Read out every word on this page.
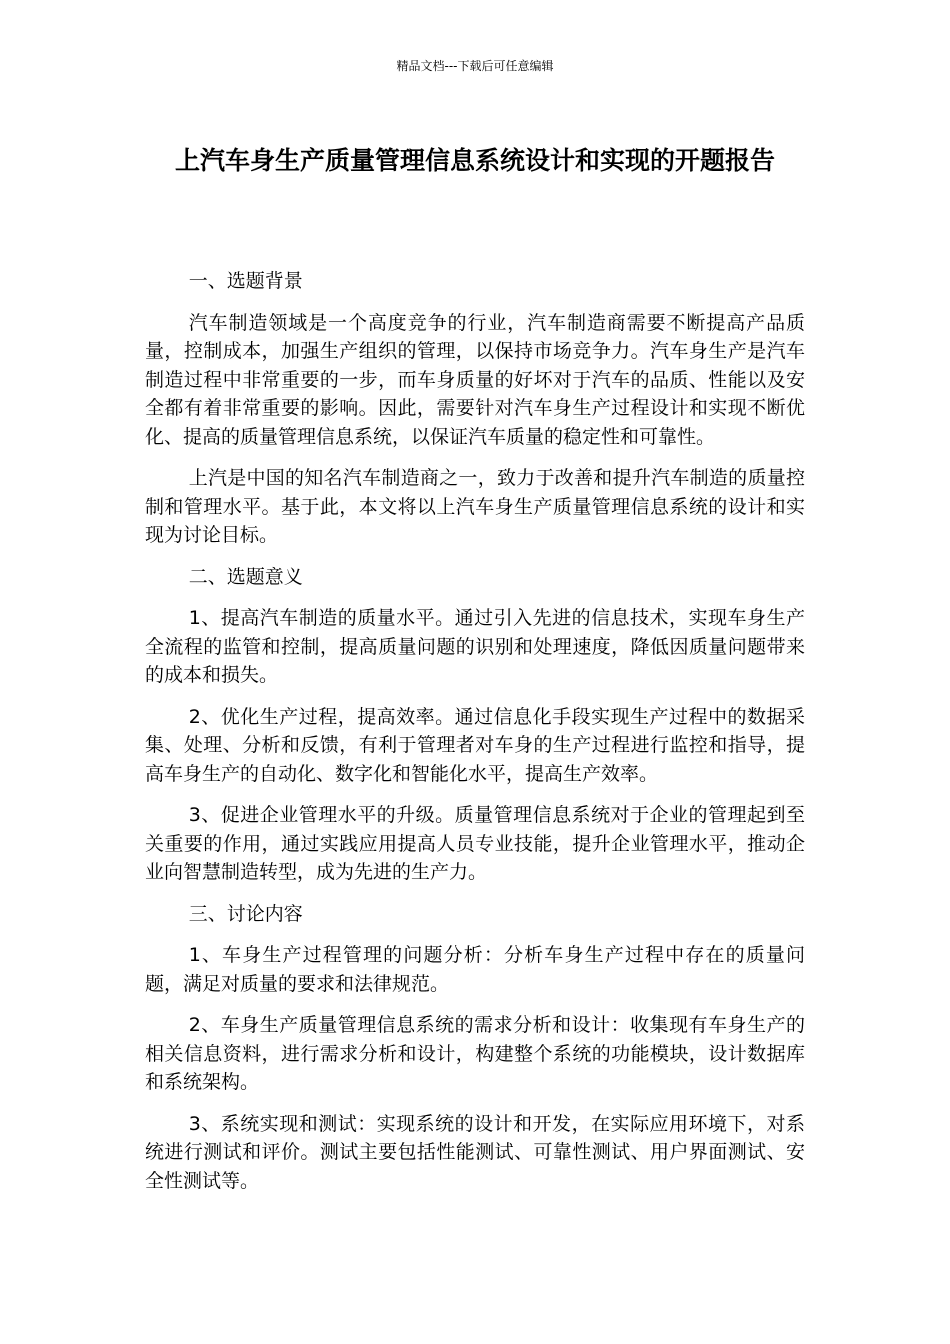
精品文档---下载后可任意编辑
上汽车身生产质量管理信息系统设计和实现的开题报告

一、选题背景

汽车制造领域是一个高度竞争的行业，汽车制造商需要不断提高产品质量，控制成本，加强生产组织的管理，以保持市场竞争力。汽车身生产是汽车制造过程中非常重要的一步，而车身质量的好坏对于汽车的品质、性能以及安全都有着非常重要的影响。因此，需要针对汽车身生产过程设计和实现不断优化、提高的质量管理信息系统，以保证汽车质量的稳定性和可靠性。

上汽是中国的知名汽车制造商之一，致力于改善和提升汽车制造的质量控制和管理水平。基于此，本文将以上汽车身生产质量管理信息系统的设计和实现为讨论目标。

二、选题意义

1、提高汽车制造的质量水平。通过引入先进的信息技术，实现车身生产全流程的监管和控制，提高质量问题的识别和处理速度，降低因质量问题带来的成本和损失。

2、优化生产过程，提高效率。通过信息化手段实现生产过程中的数据采集、处理、分析和反馈，有利于管理者对车身的生产过程进行监控和指导，提高车身生产的自动化、数字化和智能化水平，提高生产效率。

3、促进企业管理水平的升级。质量管理信息系统对于企业的管理起到至关重要的作用，通过实践应用提高人员专业技能，提升企业管理水平，推动企业向智慧制造转型，成为先进的生产力。

三、讨论内容

1、车身生产过程管理的问题分析：分析车身生产过程中存在的质量问题，满足对质量的要求和法律规范。

2、车身生产质量管理信息系统的需求分析和设计：收集现有车身生产的相关信息资料，进行需求分析和设计，构建整个系统的功能模块，设计数据库和系统架构。

3、系统实现和测试：实现系统的设计和开发，在实际应用环境下，对系统进行测试和评价。测试主要包括性能测试、可靠性测试、用户界面测试、安全性测试等。
